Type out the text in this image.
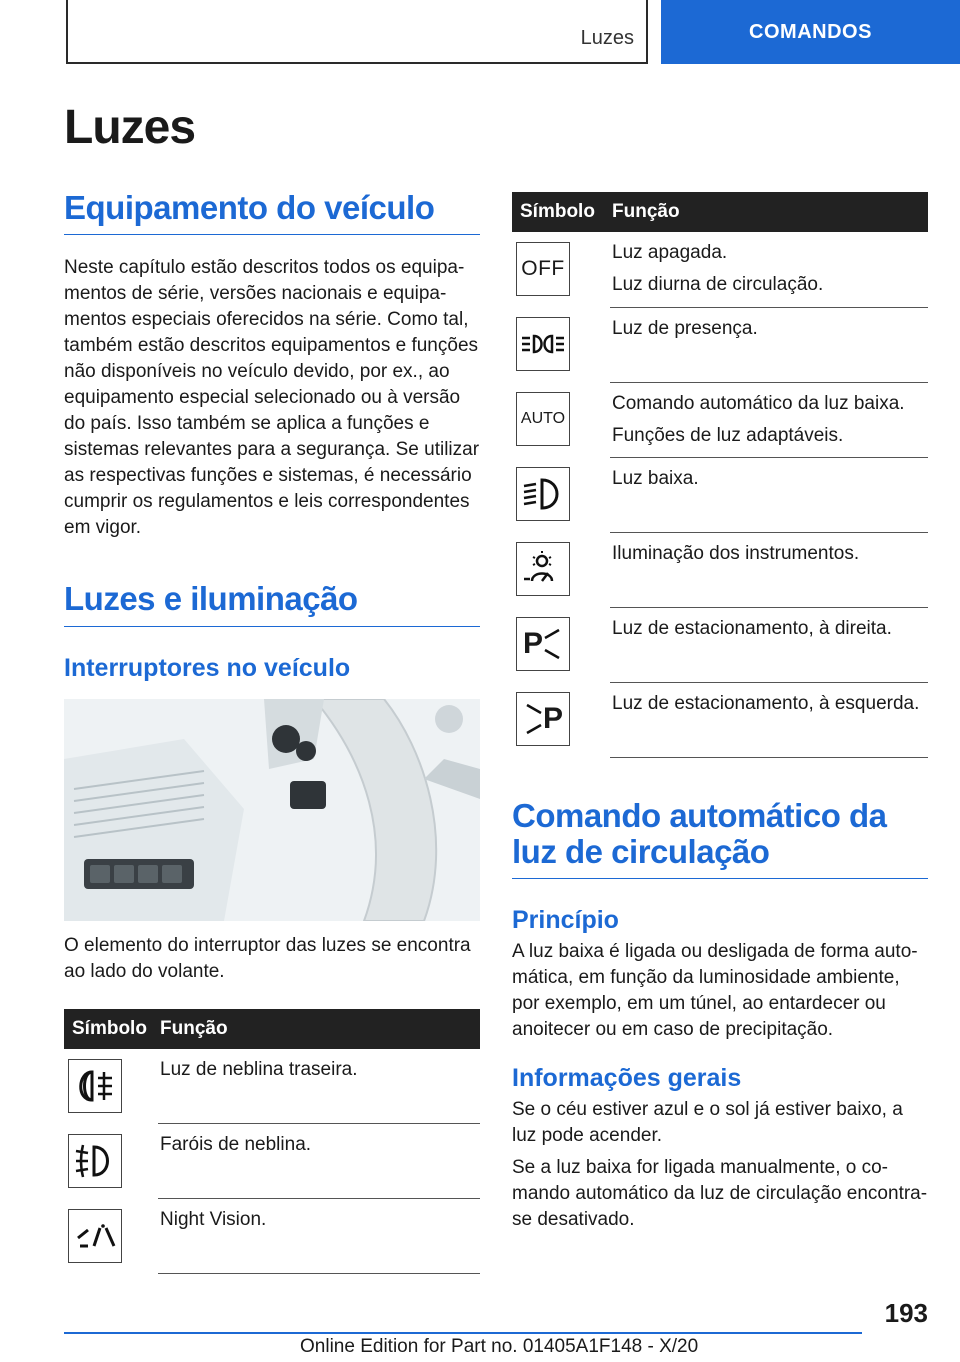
Luzes	COMANDOS
Luzes
Equipamento do veículo

Neste capítulo estão descritos todos os equipamentos de série, versões nacionais e equipamentos especiais oferecidos na série. Como tal, também estão descritos equipamentos e funções não disponíveis no veículo devido, por ex., ao equipamento especial selecionado ou à versão do país. Isso também se aplica a funções e sistemas relevantes para a segurança. Se utilizar as respectivas funções e sistemas, é necessário cumprir os regulamentos e leis correspondentes em vigor.

Luzes e iluminação
Interruptores no veículo

O elemento do interruptor das luzes se encontra ao lado do volante.

Símbolo	Função

Luz de neblina traseira.

Faróis de neblina.

Night Vision.
Símbolo	Função

OFF	Luz apagada.
Luz diurna de circulação.

Luz de presença.

AUTO	Comando automático da luz baixa.
Funções de luz adaptáveis.

Luz baixa.

Iluminação dos instrumentos.

P	Luz de estacionamento, à direita.

P	Luz de estacionamento, à esquerda.
Comando automático da luz de circulação
Princípio

A luz baixa é ligada ou desligada de forma automática, em função da luminosidade ambiente, por exemplo, em um túnel, ao entardecer ou anoitecer ou em caso de precipitação.

Informações gerais

Se o céu estiver azul e o sol já estiver baixo, a luz pode acender.

Se a luz baixa for ligada manualmente, o comando automático da luz de circulação encontra-se desativado.

193
Online Edition for Part no. 01405A1F148 - X/20
